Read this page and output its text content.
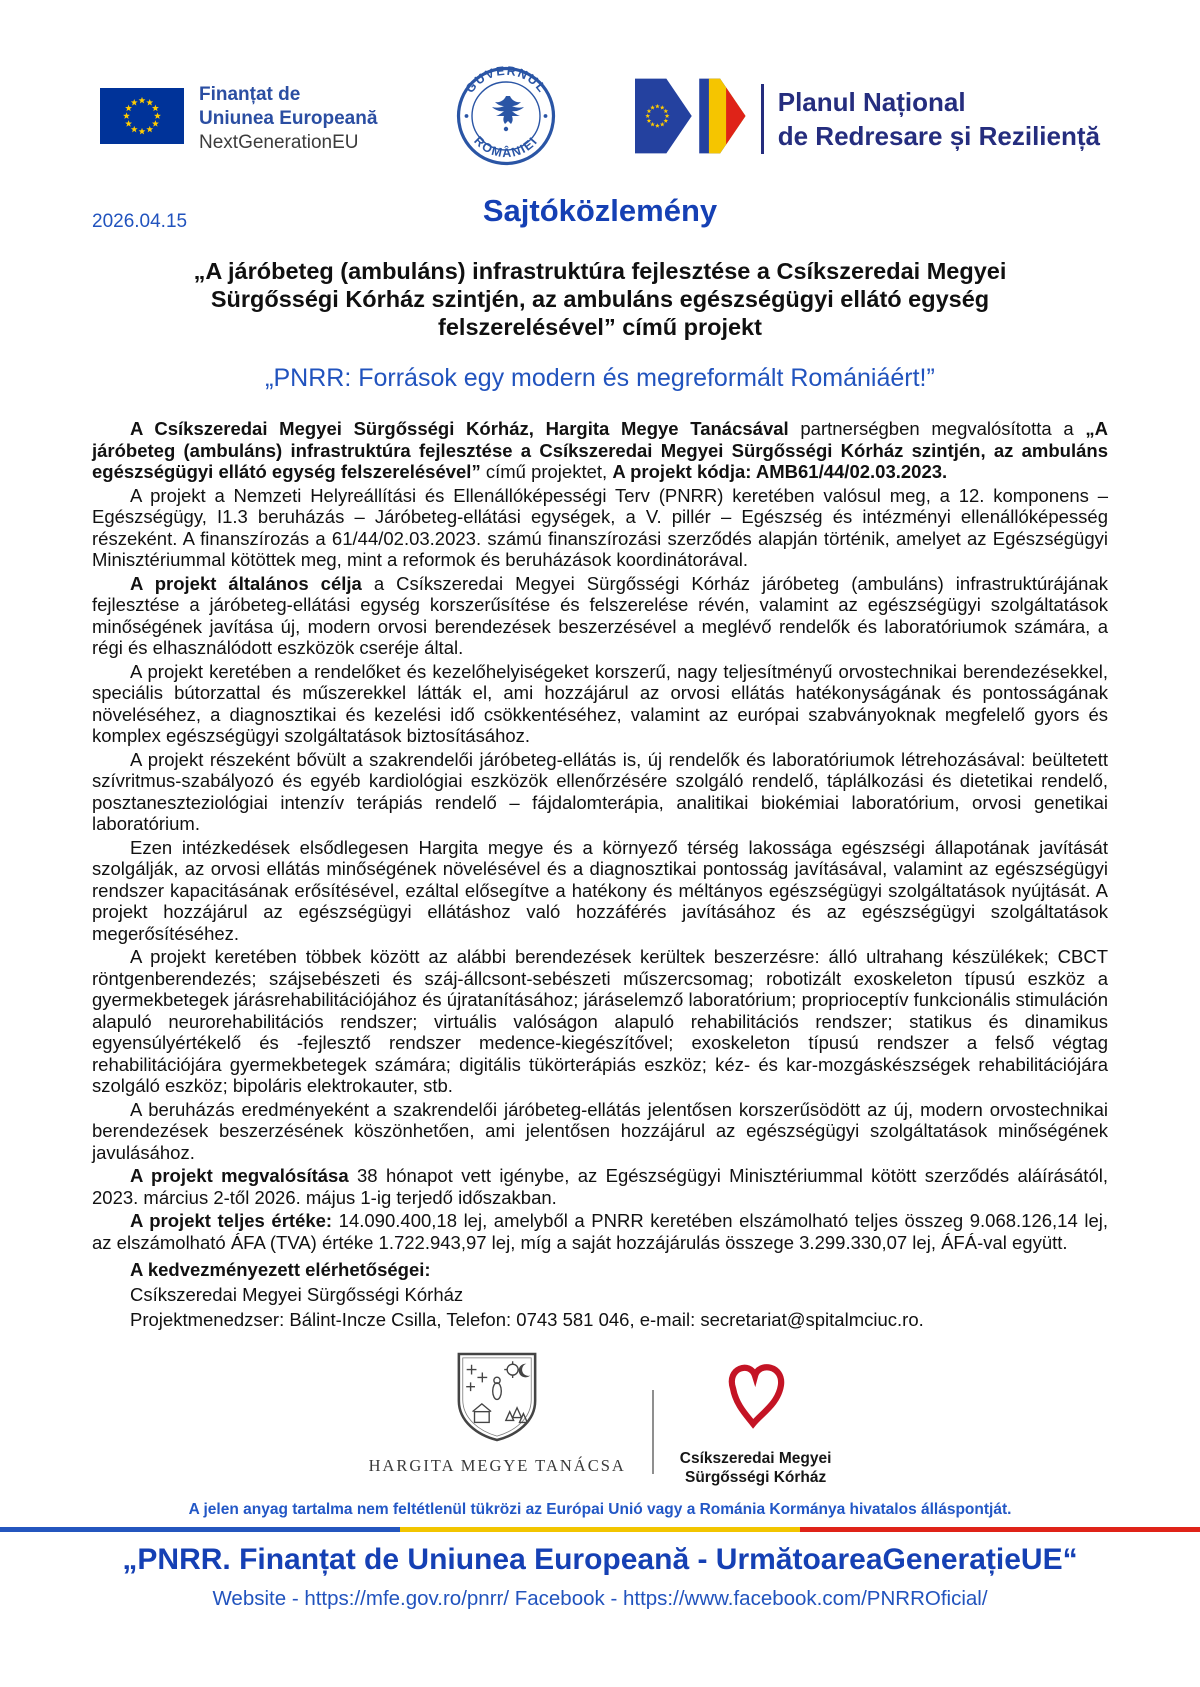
Finanțat de
Uniunea Europeană
NextGenerationEU
GUVERNUL
ROMÂNIEI
Planul Național
de Redresare și Reziliență
Sajtóközlemény
2026.04.15
„A járóbeteg (ambuláns) infrastruktúra fejlesztése a Csíkszeredai Megyei Sürgősségi Kórház szintjén, az ambuláns egészségügyi ellátó egység felszerelésével” című projekt
„PNRR: Források egy modern és megreformált Romániáért!”

A Csíkszeredai Megyei Sürgősségi Kórház, Hargita Megye Tanácsával partnerségben megvalósította a „A járóbeteg (ambuláns) infrastruktúra fejlesztése a Csíkszeredai Megyei Sürgősségi Kórház szintjén, az ambuláns egészségügyi ellátó egység felszerelésével” című projektet, A projekt kódja: AMB61/44/02.03.2023.

A projekt a Nemzeti Helyreállítási és Ellenállóképességi Terv (PNRR) keretében valósul meg, a 12. komponens – Egészségügy, I1.3 beruházás – Járóbeteg-ellátási egységek, a V. pillér – Egészség és intézményi ellenállóképesség részeként. A finanszírozás a 61/44/02.03.2023. számú finanszírozási szerződés alapján történik, amelyet az Egészségügyi Minisztériummal kötöttek meg, mint a reformok és beruházások koordinátorával.

A projekt általános célja a Csíkszeredai Megyei Sürgősségi Kórház járóbeteg (ambuláns) infrastruktúrájának fejlesztése a járóbeteg-ellátási egység korszerűsítése és felszerelése révén, valamint az egészségügyi szolgáltatások minőségének javítása új, modern orvosi berendezések beszerzésével a meglévő rendelők és laboratóriumok számára, a régi és elhasználódott eszközök cseréje által.

A projekt keretében a rendelőket és kezelőhelyiségeket korszerű, nagy teljesítményű orvostechnikai berendezésekkel, speciális bútorzattal és műszerekkel látták el, ami hozzájárul az orvosi ellátás hatékonyságának és pontosságának növeléséhez, a diagnosztikai és kezelési idő csökkentéséhez, valamint az európai szabványoknak megfelelő gyors és komplex egészségügyi szolgáltatások biztosításához.

A projekt részeként bővült a szakrendelői járóbeteg-ellátás is, új rendelők és laboratóriumok létrehozásával: beültetett szívritmus-szabályozó és egyéb kardiológiai eszközök ellenőrzésére szolgáló rendelő, táplálkozási és dietetikai rendelő, posztaneszteziológiai intenzív terápiás rendelő – fájdalomterápia, analitikai biokémiai laboratórium, orvosi genetikai laboratórium.

Ezen intézkedések elsődlegesen Hargita megye és a környező térség lakossága egészségi állapotának javítását szolgálják, az orvosi ellátás minőségének növelésével és a diagnosztikai pontosság javításával, valamint az egészségügyi rendszer kapacitásának erősítésével, ezáltal elősegítve a hatékony és méltányos egészségügyi szolgáltatások nyújtását. A projekt hozzájárul az egészségügyi ellátáshoz való hozzáférés javításához és az egészségügyi szolgáltatások megerősítéséhez.

A projekt keretében többek között az alábbi berendezések kerültek beszerzésre: álló ultrahang készülékek; CBCT röntgenberendezés; szájsebészeti és száj-állcsont-sebészeti műszercsomag; robotizált exoskeleton típusú eszköz a gyermekbetegek járásrehabilitációjához és újratanításához; járáselemző laboratórium; proprioceptív funkcionális stimuláción alapuló neurorehabilitációs rendszer; virtuális valóságon alapuló rehabilitációs rendszer; statikus és dinamikus egyensúlyértékelő és -fejlesztő rendszer medence-kiegészítővel; exoskeleton típusú rendszer a felső végtag rehabilitációjára gyermekbetegek számára; digitális tükörterápiás eszköz; kéz- és kar-mozgáskészségek rehabilitációjára szolgáló eszköz; bipoláris elektrokauter, stb.

A beruházás eredményeként a szakrendelői járóbeteg-ellátás jelentősen korszerűsödött az új, modern orvostechnikai berendezések beszerzésének köszönhetően, ami jelentősen hozzájárul az egészségügyi szolgáltatások minőségének javulásához.

A projekt megvalósítása 38 hónapot vett igénybe, az Egészségügyi Minisztériummal kötött szerződés aláírásától, 2023. március 2-től 2026. május 1-ig terjedő időszakban.

A projekt teljes értéke: 14.090.400,18 lej, amelyből a PNRR keretében elszámolható teljes összeg 9.068.126,14 lej, az elszámolható ÁFA (TVA) értéke 1.722.943,97 lej, míg a saját hozzájárulás összege 3.299.330,07 lej, ÁFÁ-val együtt.

A kedvezményezett elérhetőségei:
Csíkszeredai Megyei Sürgősségi Kórház
Projektmenedzser: Bálint-Incze Csilla, Telefon: 0743 581 046, e-mail: secretariat@spitalmciuc.ro.
HARGITA MEGYE TANÁCSA	Csíkszeredai Megyei
Sürgősségi Kórház
A jelen anyag tartalma nem feltétlenül tükrözi az Európai Unió vagy a Románia Kormánya hivatalos álláspontját.
„PNRR. Finanțat de Uniunea Europeană - UrmătoareaGenerațieUE“
Website - https://mfe.gov.ro/pnrr/ Facebook - https://www.facebook.com/PNRROficial/
